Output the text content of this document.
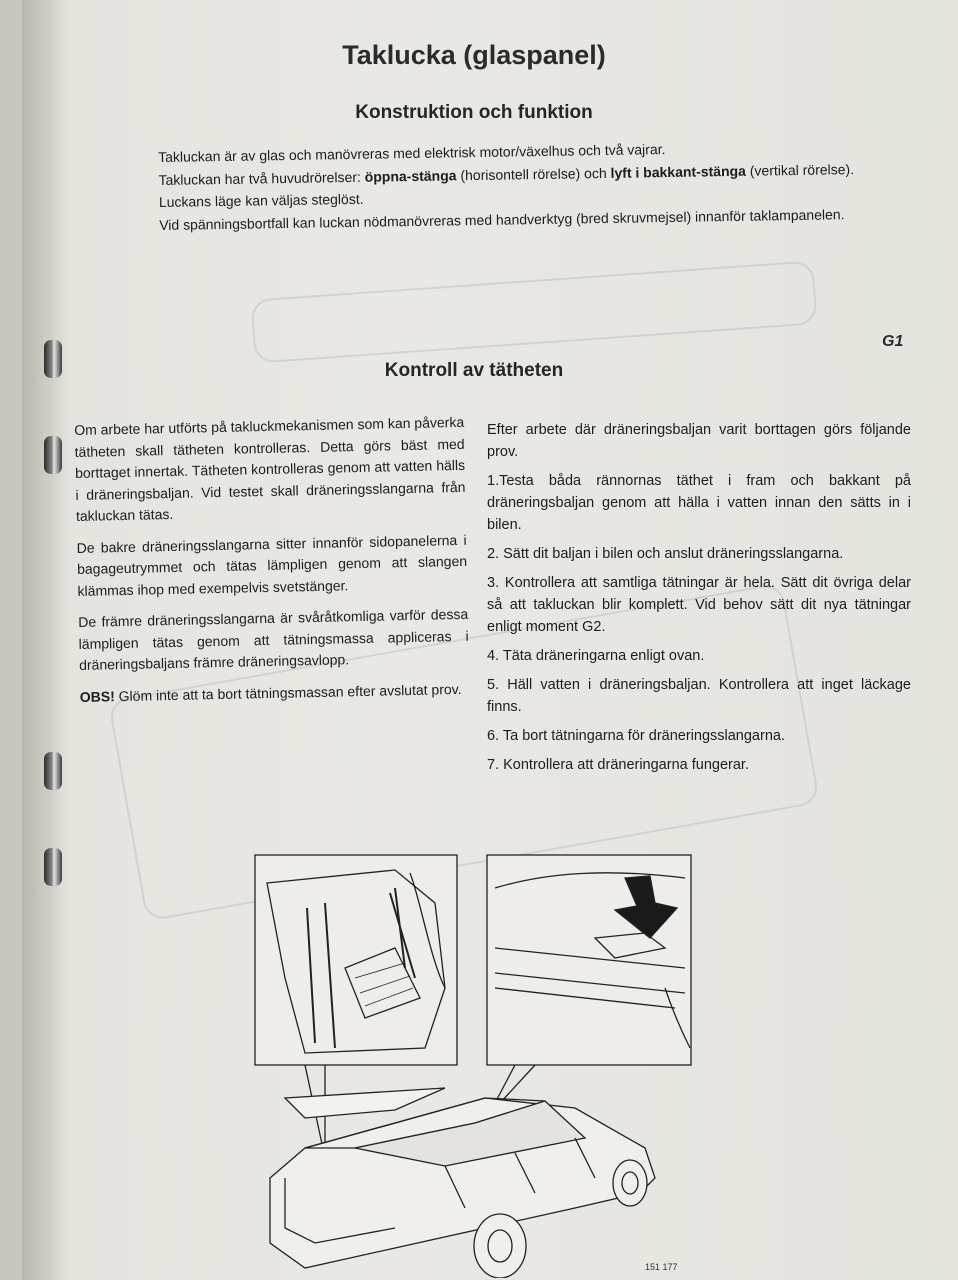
Taklucka (glaspanel)
Konstruktion och funktion

Takluckan är av glas och manövreras med elektrisk motor/växelhus och två vajrar.

Takluckan har två huvudrörelser: öppna-stänga (horisontell rörelse) och lyft i bakkant-stänga (vertikal rörelse). Luckans läge kan väljas steglöst.

Vid spänningsbortfall kan luckan nödmanövreras med handverktyg (bred skruvmejsel) innanför taklampanelen.

G1
Kontroll av tätheten

Om arbete har utförts på takluckmekanismen som kan påverka tätheten skall tätheten kontrolleras. Detta görs bäst med borttaget innertak. Tätheten kontrolleras genom att vatten hälls i dräneringsbaljan. Vid testet skall dräneringsslangarna från takluckan tätas.

De bakre dräneringsslangarna sitter innanför sidopanelerna i bagageutrymmet och tätas lämpligen genom att slangen klämmas ihop med exempelvis svetstänger.

De främre dräneringsslangarna är svåråtkomliga varför dessa lämpligen tätas genom att tätningsmassa appliceras i dräneringsbaljans främre dräneringsavlopp.

OBS! Glöm inte att ta bort tätningsmassan efter avslutat prov.

Efter arbete där dräneringsbaljan varit borttagen görs följande prov.

1.Testa båda rännornas täthet i fram och bakkant på dräneringsbaljan genom att hälla i vatten innan den sätts in i bilen.

2. Sätt dit baljan i bilen och anslut dräneringsslangarna.

3. Kontrollera att samtliga tätningar är hela. Sätt dit övriga delar så att takluckan blir komplett. Vid behov sätt dit nya tätningar enligt moment G2.

4. Täta dräneringarna enligt ovan.

5. Häll vatten i dräneringsbaljan. Kontrollera att inget läckage finns.

6. Ta bort tätningarna för dräneringsslangarna.

7. Kontrollera att dräneringarna fungerar.

151 177
